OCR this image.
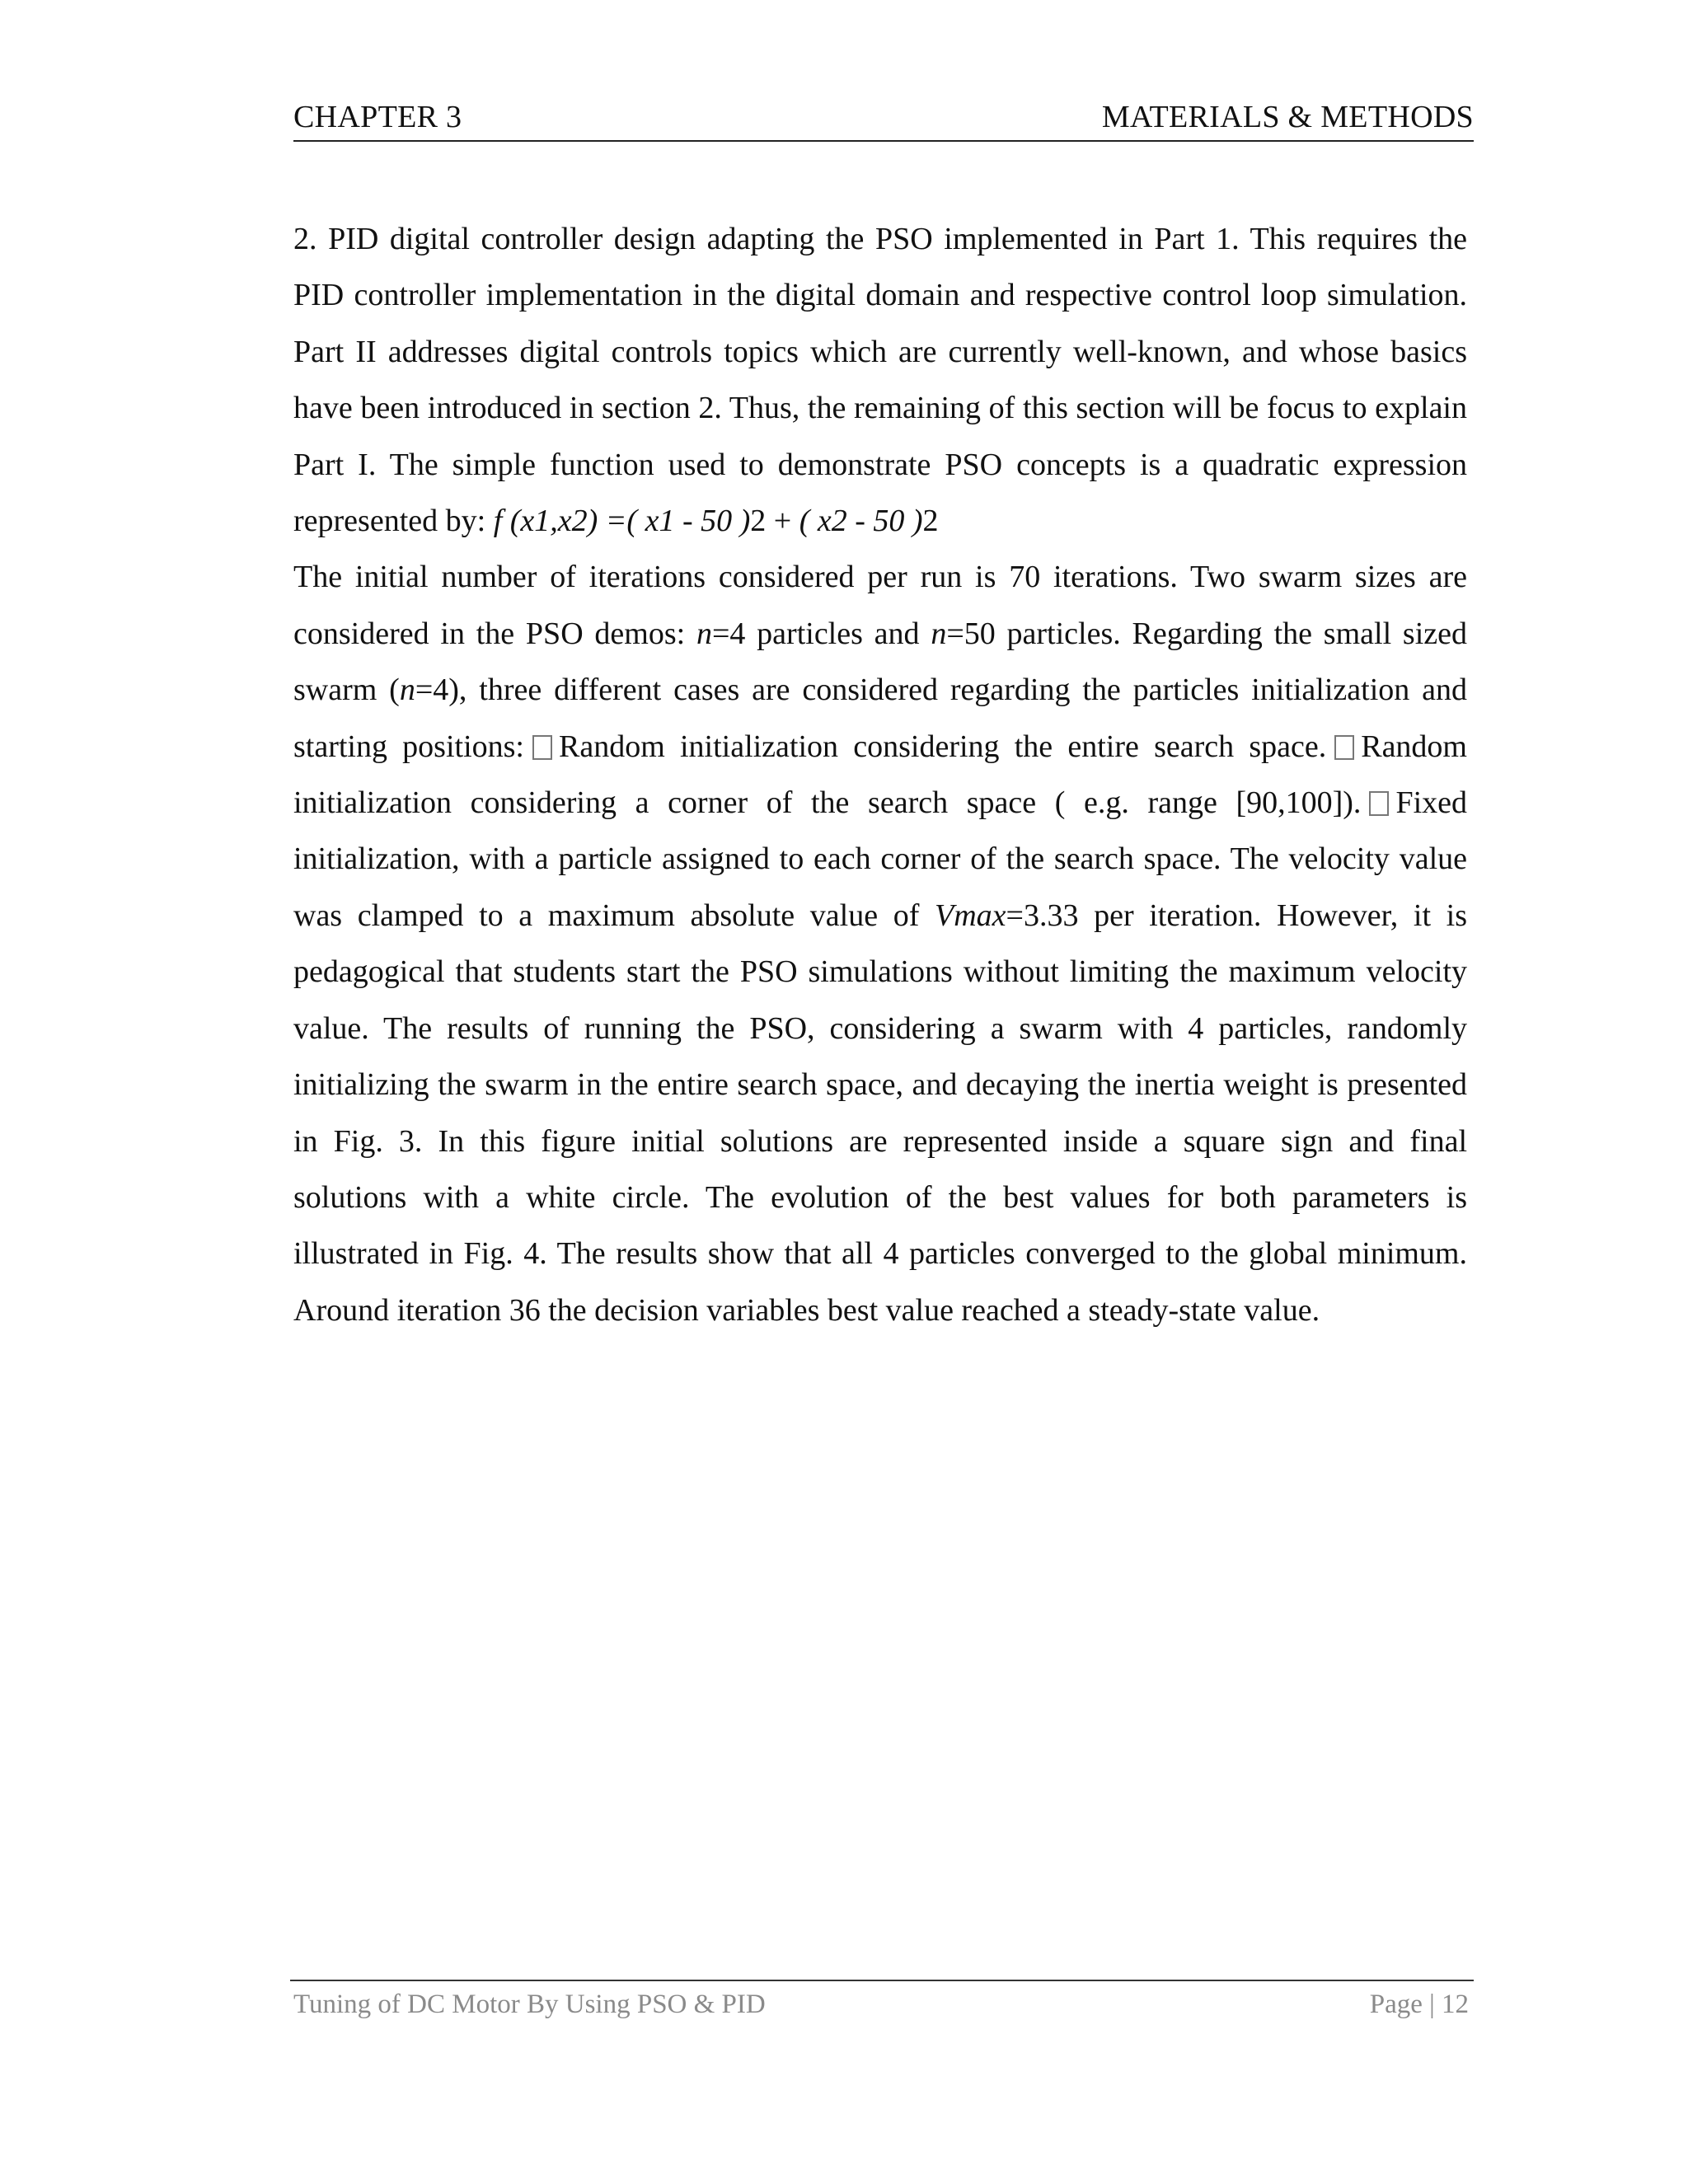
CHAPTER 3	MATERIALS & METHODS

2. PID digital controller design adapting the PSO implemented in Part 1. This requires the PID controller implementation in the digital domain and respective control loop simulation. Part II addresses digital controls topics which are currently well-known, and whose basics have been introduced in section 2. Thus, the remaining of this section will be focus to explain Part I. The simple function used to demonstrate PSO concepts is a quadratic expression represented by: f (x1,x2) =( x1 - 50 )2 + ( x2 - 50 )2

The initial number of iterations considered per run is 70 iterations. Two swarm sizes are considered in the PSO demos: n=4 particles and n=50 particles. Regarding the small sized swarm (n=4), three different cases are considered regarding the particles initialization and starting positions: Random initialization considering the entire search space. Random initialization considering a corner of the search space ( e.g. range [90,100]). Fixed initialization, with a particle assigned to each corner of the search space. The velocity value was clamped to a maximum absolute value of Vmax=3.33 per iteration. However, it is pedagogical that students start the PSO simulations without limiting the maximum velocity value. The results of running the PSO, considering a swarm with 4 particles, randomly initializing the swarm in the entire search space, and decaying the inertia weight is presented in Fig. 3. In this figure initial solutions are represented inside a square sign and final solutions with a white circle. The evolution of the best values for both parameters is illustrated in Fig. 4. The results show that all 4 particles converged to the global minimum. Around iteration 36 the decision variables best value reached a steady-state value.

Tuning of DC Motor By Using PSO & PID	Page | 12
